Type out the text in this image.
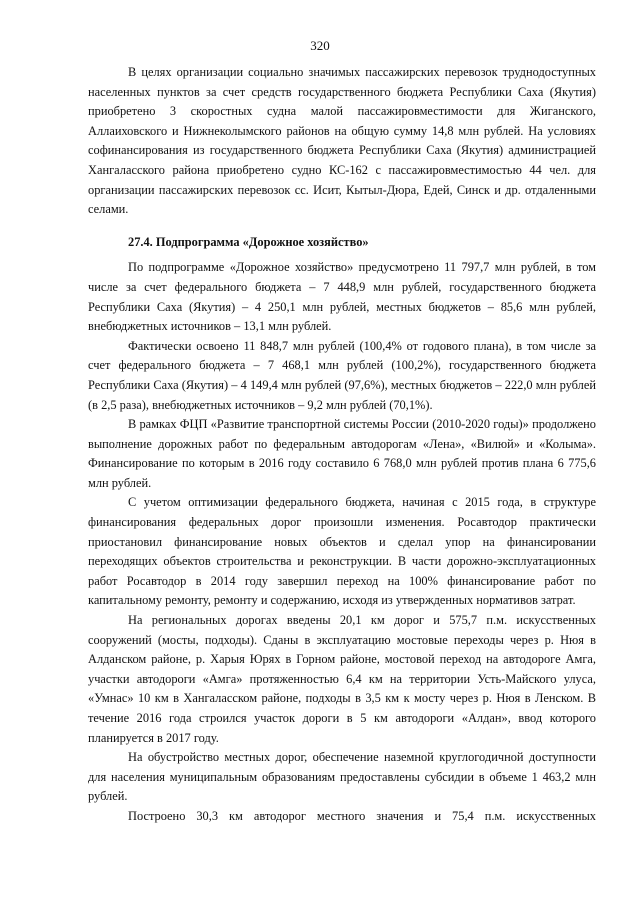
320

В целях организации социально значимых пассажирских перевозок труднодоступных населенных пунктов за счет средств государственного бюджета Республики Саха (Якутия) приобретено 3 скоростных судна малой пассажировместимости для Жиганского, Аллаиховского и Нижнеколымского районов на общую сумму 14,8 млн рублей. На условиях софинансирования из государственного бюджета Республики Саха (Якутия) администрацией Хангаласского района приобретено судно КС-162 с пассажировместимостью 44 чел. для организации пассажирских перевозок сс. Исит, Кытыл-Дюра, Едей, Синск и др. отдаленными селами.

27.4. Подпрограмма «Дорожное хозяйство»

По подпрограмме «Дорожное хозяйство» предусмотрено 11 797,7 млн рублей, в том числе за счет федерального бюджета – 7 448,9 млн рублей, государственного бюджета Республики Саха (Якутия) – 4 250,1 млн рублей, местных бюджетов – 85,6 млн рублей, внебюджетных источников – 13,1 млн рублей.

Фактически освоено 11 848,7 млн рублей (100,4% от годового плана), в том числе за счет федерального бюджета – 7 468,1 млн рублей (100,2%), государственного бюджета Республики Саха (Якутия) – 4 149,4 млн рублей (97,6%), местных бюджетов – 222,0 млн рублей (в 2,5 раза), внебюджетных источников – 9,2 млн рублей (70,1%).

В рамках ФЦП «Развитие транспортной системы России (2010-2020 годы)» продолжено выполнение дорожных работ по федеральным автодорогам «Лена», «Вилюй» и «Колыма». Финансирование по которым в 2016 году составило 6 768,0 млн рублей против плана 6 775,6 млн рублей.

С учетом оптимизации федерального бюджета, начиная с 2015 года, в структуре финансирования федеральных дорог произошли изменения. Росавтодор практически приостановил финансирование новых объектов и сделал упор на финансировании переходящих объектов строительства и реконструкции. В части дорожно-эксплуатационных работ Росавтодор в 2014 году завершил переход на 100% финансирование работ по капитальному ремонту, ремонту и содержанию, исходя из утвержденных нормативов затрат.

На региональных дорогах введены 20,1 км дорог и 575,7 п.м. искусственных сооружений (мосты, подходы). Сданы в эксплуатацию мостовые переходы через р. Нюя в Алданском районе, р. Харыя Юрях в Горном районе, мостовой переход на автодороге Амга, участки автодороги «Амга» протяженностью 6,4 км на территории Усть-Майского улуса, «Умнас» 10 км в Хангаласском районе, подходы в 3,5 км к мосту через р. Нюя в Ленском. В течение 2016 года строился участок дороги в 5 км автодороги «Алдан», ввод которого планируется в 2017 году.

На обустройство местных дорог, обеспечение наземной круглогодичной доступности для населения муниципальным образованиям предоставлены субсидии в объеме 1 463,2 млн рублей.

Построено 30,3 км автодорог местного значения и 75,4 п.м. искусственных
